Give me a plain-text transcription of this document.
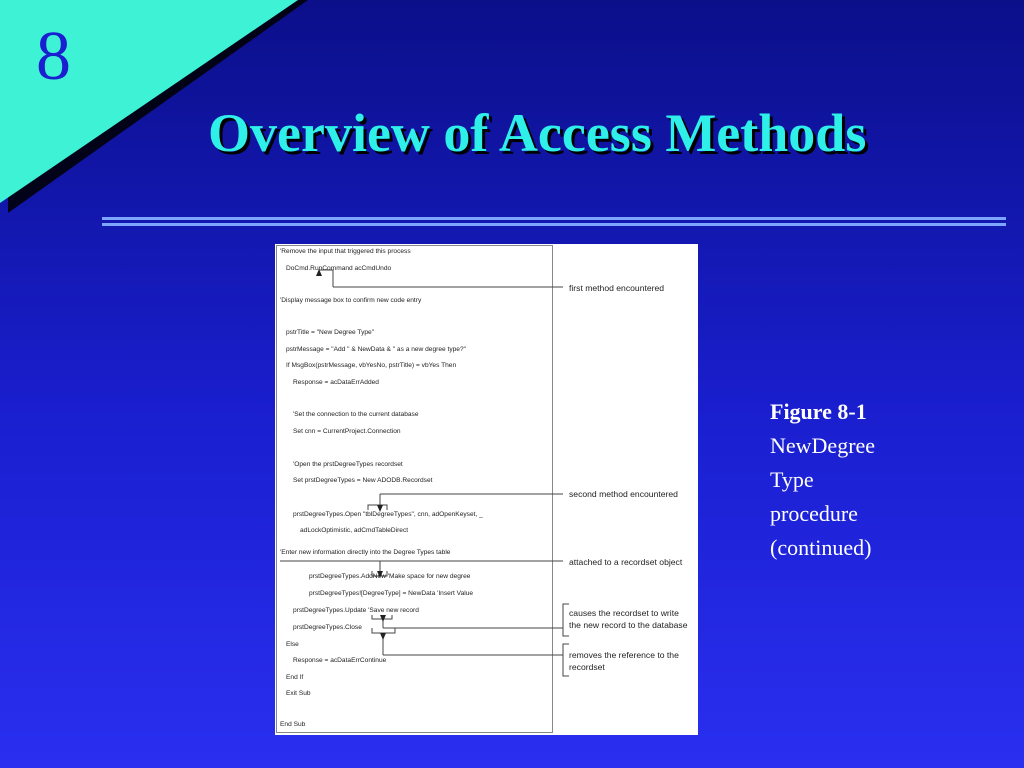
8
Overview of Access Methods
'Remove the input that triggered this process
DoCmd.RunCommand acCmdUndo
'Display message box to confirm new code entry
pstrTitle = "New Degree Type"
pstrMessage = "Add " & NewData & " as a new degree type?"
If MsgBox(pstrMessage, vbYesNo, pstrTitle) = vbYes Then
Response = acDataErrAdded
'Set the connection to the current database
Set cnn = CurrentProject.Connection
'Open the prstDegreeTypes recordset
Set prstDegreeTypes = New ADODB.Recordset
prstDegreeTypes.Open "tblDegreeTypes", cnn, adOpenKeyset, _
adLockOptimistic, adCmdTableDirect
'Enter new information directly into the Degree Types table
prstDegreeTypes.AddNew 'Make space for new degree
prstDegreeTypes![DegreeType] = NewData 'Insert Value
prstDegreeTypes.Update 'Save new record
prstDegreeTypes.Close
Else
Response = acDataErrContinue
End If
Exit Sub
End Sub
first method encountered
second method encountered
attached to a recordset object
causes the recordset to write
the new record to the database
removes the reference to the
recordset
Figure 8-1
NewDegree
Type
procedure
(continued)
